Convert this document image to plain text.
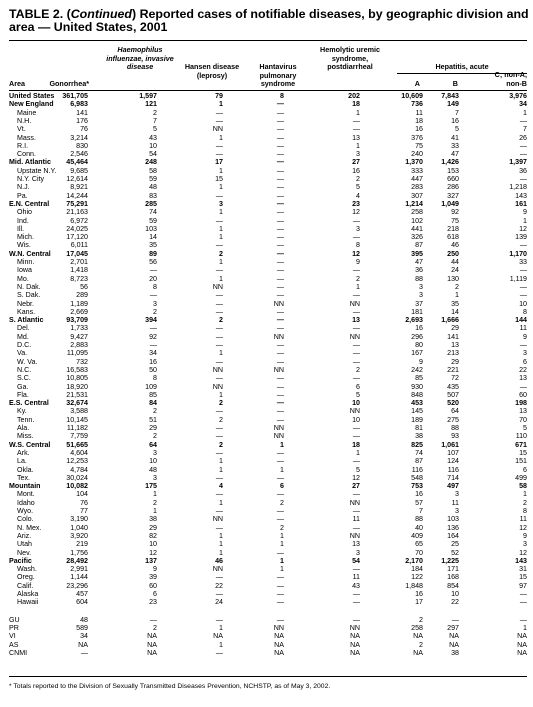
TABLE 2. (Continued) Reported cases of notifiable diseases, by geographic division and area — United States, 2001
Area	Gonorrhea*
Haemophilus influenzae, invasive disease	Hansen disease (leprosy)
Hantavirus pulmonary syndrome
Hemolytic uremic syndrome, postdiarrheal	Hepatitis, acute
A	B
C; non-A, non-B
United States 361,705	1,597	79	8	202	10,609	7,843	3,976
New England 6,983	121	1	—	18	736	149	34
Maine	141	2	—	—	1	11	7	1
N.H.	176	7	—	—	—	18	16	—
Vt.	76	5	NN	—	—	16	5	7
Mass.	3,214	43	1	—	13	376	41	26
R.I.	830	10	—	—	1	75	33	—
Conn.	2,546	54	—	—	3	240	47	—
Mid. Atlantic 45,464	248	17	—	27	1,370	1,426	1,397
Upstate N.Y. 9,685	58	1	—	16	333	153	36
N.Y. City	12,614	59	15	—	2	447	660	—
N.J.	8,921	48	1	—	5	283	286	1,218
Pa.	14,244	83	—	—	4	307	327	143
E.N. Central 75,291	285	3	—	23	1,214	1,049	161
Ohio	21,163	74	1	—	12	258	92	9
Ind.	6,972	59	—	—	—	102	75	1
Ill.	24,025	103	1	—	3	441	218	12
Mich.	17,120	14	1	—	—	326	618	139
Wis.	6,011	35	—	—	8	87	46	—
W.N. Central 17,045	89	2	—	12	395	250	1,170
Minn.	2,701	56	1	—	9	47	44	33
Iowa	1,418	—	—	—	—	36	24	—
Mo.	8,723	20	1	—	2	88	130	1,119
N. Dak.	56	8	NN	—	1	3	2	—
S. Dak.	289	—	—	—	—	3	1	—
Nebr.	1,189	3	—	NN	NN	37	35	10
Kans.	2,669	2	—	—	—	181	14	8
S. Atlantic	93,709	394	2	—	13	2,693	1,666	144
Del.	1,733	—	—	—	—	16	29	11
Md.	9,427	92	—	NN	NN	296	141	9
D.C.	2,883	—	—	—	—	80	13	—
Va.	11,095	34	1	—	—	167	213	3
W. Va.	732	16	—	—	—	9	29	6
N.C.	16,583	50	NN	NN	2	242	221	22
S.C.	10,805	8	—	—	—	85	72	13
Ga.	18,920	109	NN	—	6	930	435	—
Fla.	21,531	85	1	—	5	848	507	60
E.S. Central 32,674	84	2	—	10	453	520	198
Ky.	3,588	2	—	—	NN	145	64	13
Tenn.	10,145	51	2	—	10	189	275	70
Ala.	11,182	29	—	NN	—	81	88	5
Miss.	7,759	2	—	NN	—	38	93	110
W.S. Central 51,665	64	2	1	18	825	1,061	671
Ark.	4,604	3	—	—	1	74	107	15
La.	12,253	10	1	—	—	87	124	151
Okla.	4,784	48	1	1	5	116	116	6
Tex.	30,024	3	—	—	12	548	714	499
Mountain	10,082	175	4	6	27	753	497	58
Mont.	104	1	—	—	—	16	3	1
Idaho	76	2	1	2	NN	57	11	2
Wyo.	77	1	—	—	—	7	3	8
Colo.	3,190	38	NN	—	11	88	103	11
N. Mex.	1,040	29	—	2	—	40	136	12
Ariz.	3,920	82	1	1	NN	409	164	9
Utah	219	10	1	1	13	65	25	3
Nev.	1,756	12	1	—	3	70	52	12
Pacific	28,492	137	46	1	54	2,170	1,225	143
Wash.	2,991	9	NN	1	—	184	171	31
Oreg.	1,144	39	—	—	11	122	168	15
Calif.	23,296	60	22	—	43	1,848	854	97
Alaska	457	6	—	—	—	16	10	—
Hawaii	604	23	24	—	—	17	22	—
GU	48	—	—	—	—	2	—	—
PR	589	2	1	NN	NN	258	297	1
VI	34	NA	NA	NA	NA	NA	NA	NA
AS	NA	NA	1	NA	NA	2	NA	NA
CNMI	—	NA	—	NA	NA	NA	38	NA
* Totals reported to the Division of Sexually Transmitted Diseases Prevention, NCHSTP, as of May 3, 2002.
